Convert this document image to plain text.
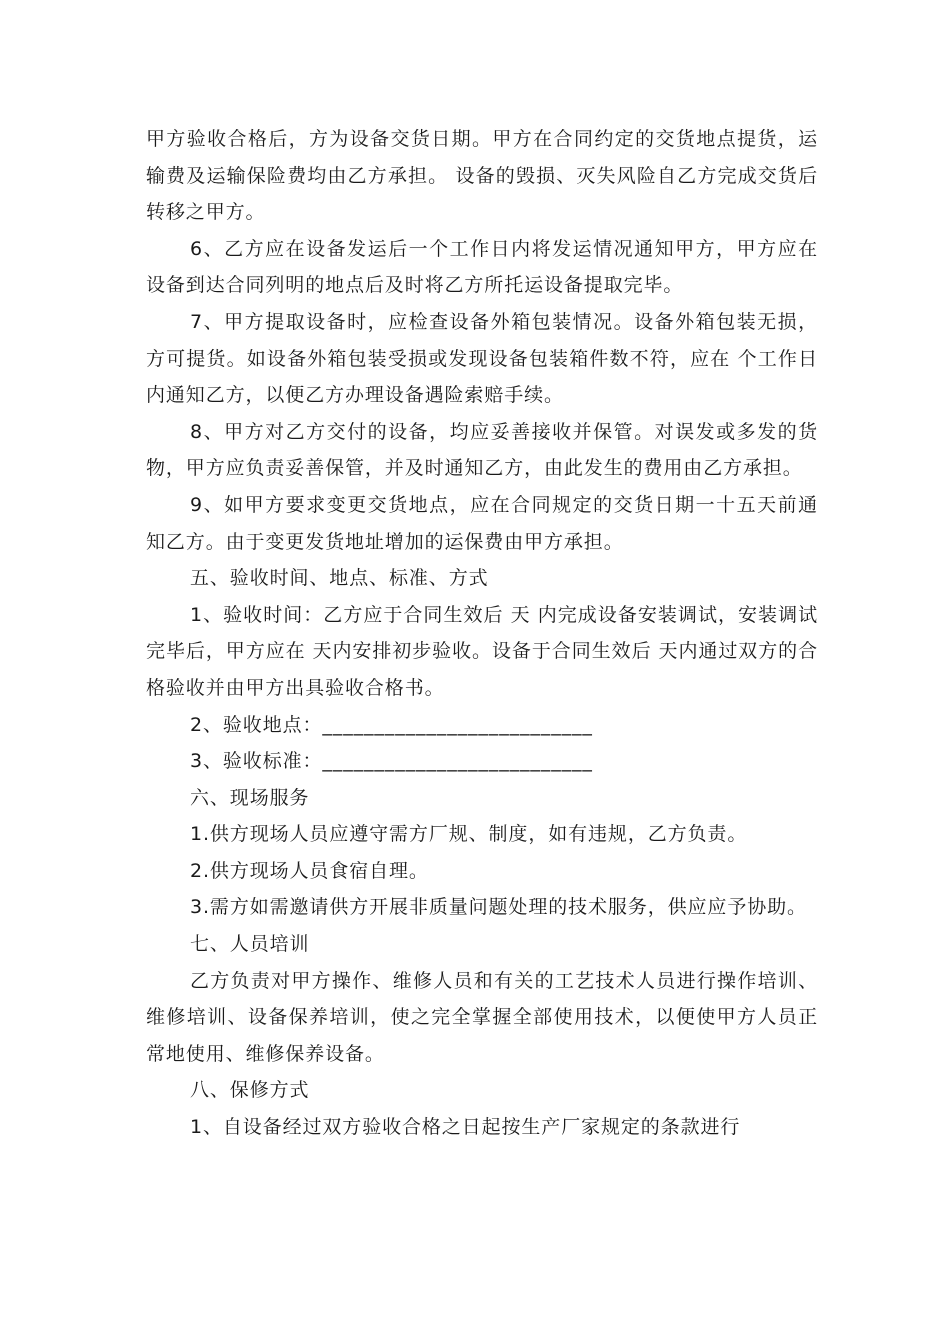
甲方验收合格后，方为设备交货日期。甲方在合同约定的交货地点提货，运输费及运输保险费均由乙方承担。 设备的毁损、灭失风险自乙方完成交货后转移之甲方。

6、乙方应在设备发运后一个工作日内将发运情况通知甲方，甲方应在设备到达合同列明的地点后及时将乙方所托运设备提取完毕。

7、甲方提取设备时，应检查设备外箱包装情况。设备外箱包装无损，方可提货。如设备外箱包装受损或发现设备包装箱件数不符，应在 个工作日内通知乙方，以便乙方办理设备遇险索赔手续。

8、甲方对乙方交付的设备，均应妥善接收并保管。对误发或多发的货物，甲方应负责妥善保管，并及时通知乙方，由此发生的费用由乙方承担。

9、如甲方要求变更交货地点，应在合同规定的交货日期一十五天前通知乙方。由于变更发货地址增加的运保费由甲方承担。

五、验收时间、地点、标准、方式

1、验收时间：乙方应于合同生效后 天 内完成设备安装调试，安装调试完毕后，甲方应在 天内安排初步验收。设备于合同生效后 天内通过双方的合格验收并由甲方出具验收合格书。

2、验收地点：__________________________

3、验收标准：__________________________

六、现场服务

1.供方现场人员应遵守需方厂规、制度，如有违规，乙方负责。

2.供方现场人员食宿自理。

3.需方如需邀请供方开展非质量问题处理的技术服务，供应应予协助。

七、人员培训

乙方负责对甲方操作、维修人员和有关的工艺技术人员进行操作培训、维修培训、设备保养培训，使之完全掌握全部使用技术，以便使甲方人员正常地使用、维修保养设备。

八、保修方式

1、自设备经过双方验收合格之日起按生产厂家规定的条款进行
